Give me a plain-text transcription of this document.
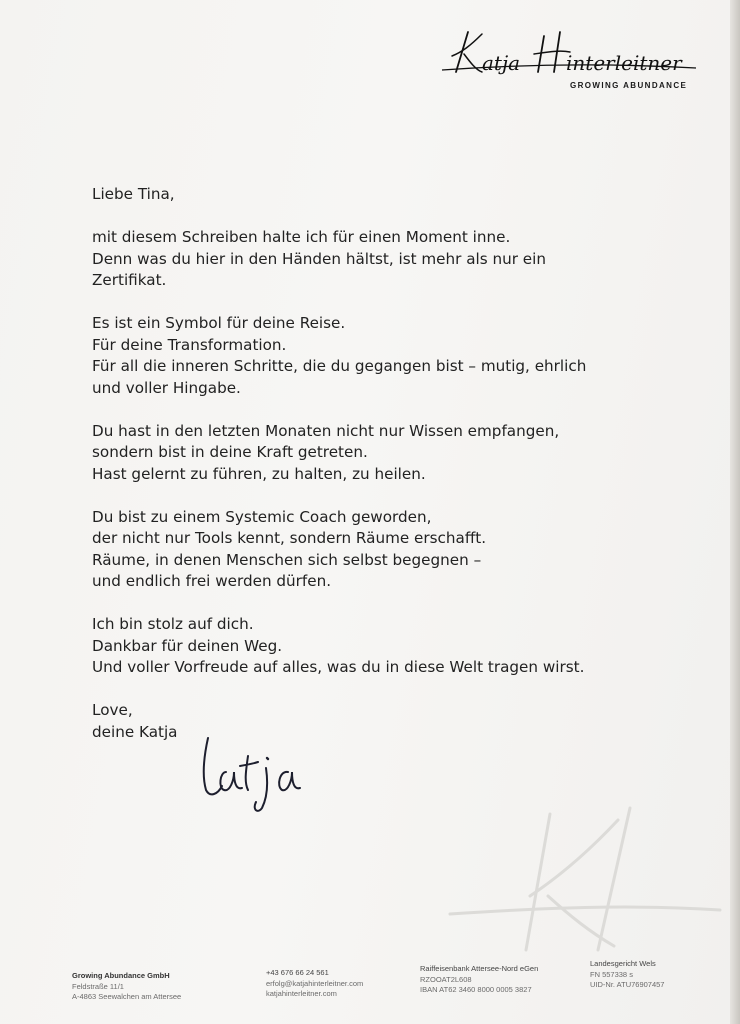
atja interleitner
GROWING ABUNDANCE
Liebe Tina,
mit diesem Schreiben halte ich für einen Moment inne.
Denn was du hier in den Händen hältst, ist mehr als nur ein
Zertifikat.
Es ist ein Symbol für deine Reise.
Für deine Transformation.
Für all die inneren Schritte, die du gegangen bist – mutig, ehrlich
und voller Hingabe.
Du hast in den letzten Monaten nicht nur Wissen empfangen,
sondern bist in deine Kraft getreten.
Hast gelernt zu führen, zu halten, zu heilen.
Du bist zu einem Systemic Coach geworden,
der nicht nur Tools kennt, sondern Räume erschafft.
Räume, in denen Menschen sich selbst begegnen –
und endlich frei werden dürfen.
Ich bin stolz auf dich.
Dankbar für deinen Weg.
Und voller Vorfreude auf alles, was du in diese Welt tragen wirst.
Love,
deine Katja
Growing Abundance GmbH
Feldstraße 11/1
A-4863 Seewalchen am Attersee
+43 676 66 24 561
erfolg@katjahinterleitner.com
katjahinterleitner.com
Raiffeisenbank Attersee-Nord eGen
RZOOAT2L608
IBAN AT62 3460 8000 0005 3827
Landesgericht Wels
FN 557338 s
UID-Nr. ATU76907457
